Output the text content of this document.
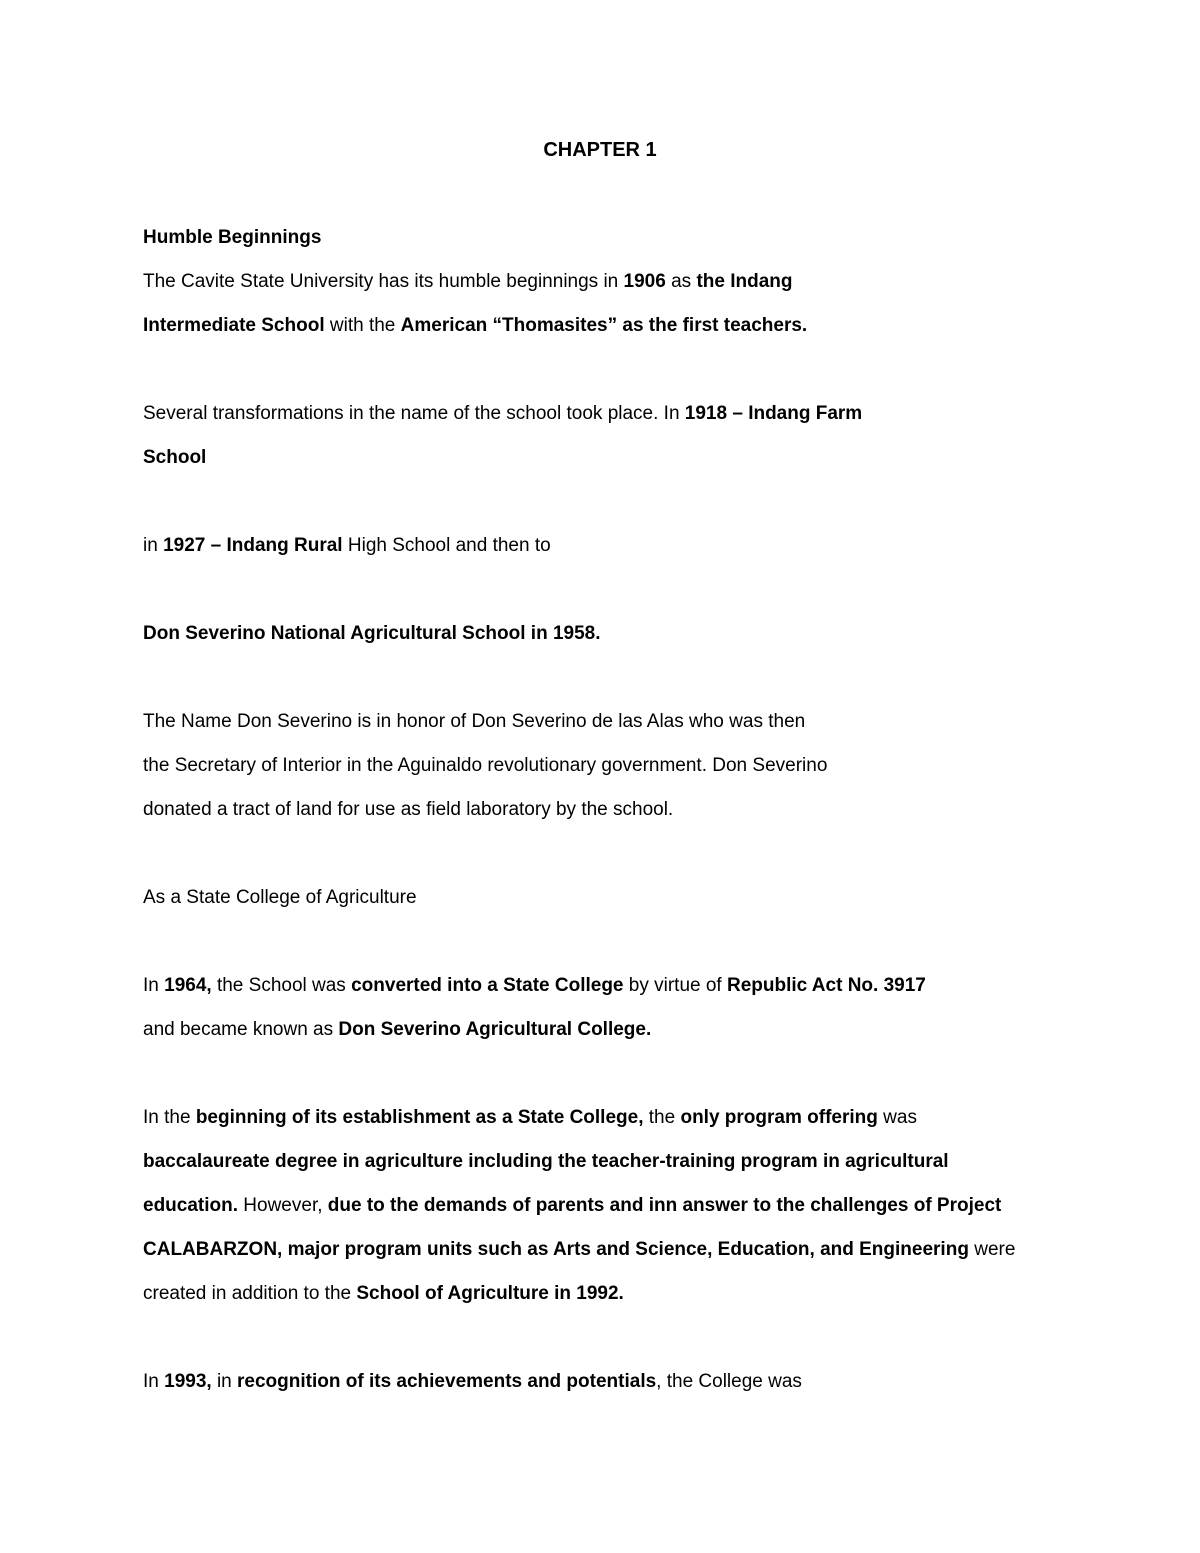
CHAPTER 1
Humble Beginnings
The Cavite State University has its humble beginnings in 1906 as the Indang
Intermediate School with the American “Thomasites” as the first teachers.
Several transformations in the name of the school took place. In 1918 – Indang Farm
School
in 1927 – Indang Rural High School and then to
Don Severino National Agricultural School in 1958.
The Name Don Severino is in honor of Don Severino de las Alas who was then
the Secretary of Interior in the Aguinaldo revolutionary government. Don Severino
donated a tract of land for use as field laboratory by the school.
As a State College of Agriculture
In 1964, the School was converted into a State College by virtue of Republic Act No. 3917
and became known as Don Severino Agricultural College.
In the beginning of its establishment as a State College, the only program offering was
baccalaureate degree in agriculture including the teacher-training program in agricultural
education. However, due to the demands of parents and inn answer to the challenges of Project
CALABARZON, major program units such as Arts and Science, Education, and Engineering were
created in addition to the School of Agriculture in 1992.
In 1993, in recognition of its achievements and potentials, the College was
